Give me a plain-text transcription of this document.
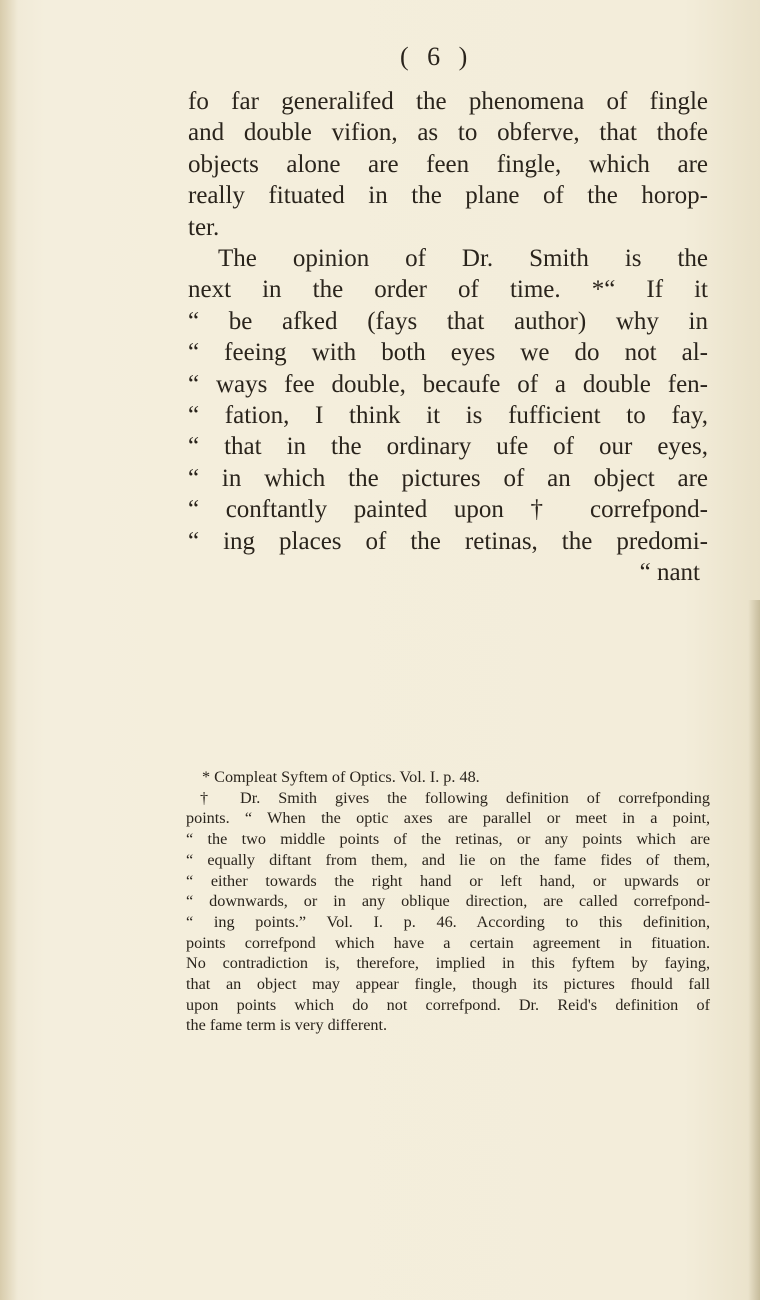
( 6 )
fo far generalifed the phenomena of fingle
and double vifion, as to obferve, that thofe
objects alone are feen fingle, which are
really fituated in the plane of the horop-
ter.
The opinion of Dr. Smith is the
next in the order of time. *“ If it
“ be afked (fays that author) why in
“ feeing with both eyes we do not al-
“ ways fee double, becaufe of a double fen-
“ fation, I think it is fufficient to fay,
“ that in the ordinary ufe of our eyes,
“ in which the pictures of an object are
“ conftantly painted upon † correfpond-
“ ing places of the retinas, the predomi-
“ nant
* Compleat Syftem of Optics. Vol. I. p. 48.
† Dr. Smith gives the following definition of correfponding
points. “ When the optic axes are parallel or meet in a point,
“ the two middle points of the retinas, or any points which are
“ equally diftant from them, and lie on the fame fides of them,
“ either towards the right hand or left hand, or upwards or
“ downwards, or in any oblique direction, are called correfpond-
“ ing points.” Vol. I. p. 46. According to this definition,
points correfpond which have a certain agreement in fituation.
No contradiction is, therefore, implied in this fyftem by faying,
that an object may appear fingle, though its pictures fhould fall
upon points which do not correfpond. Dr. Reid's definition of
the fame term is very different.
